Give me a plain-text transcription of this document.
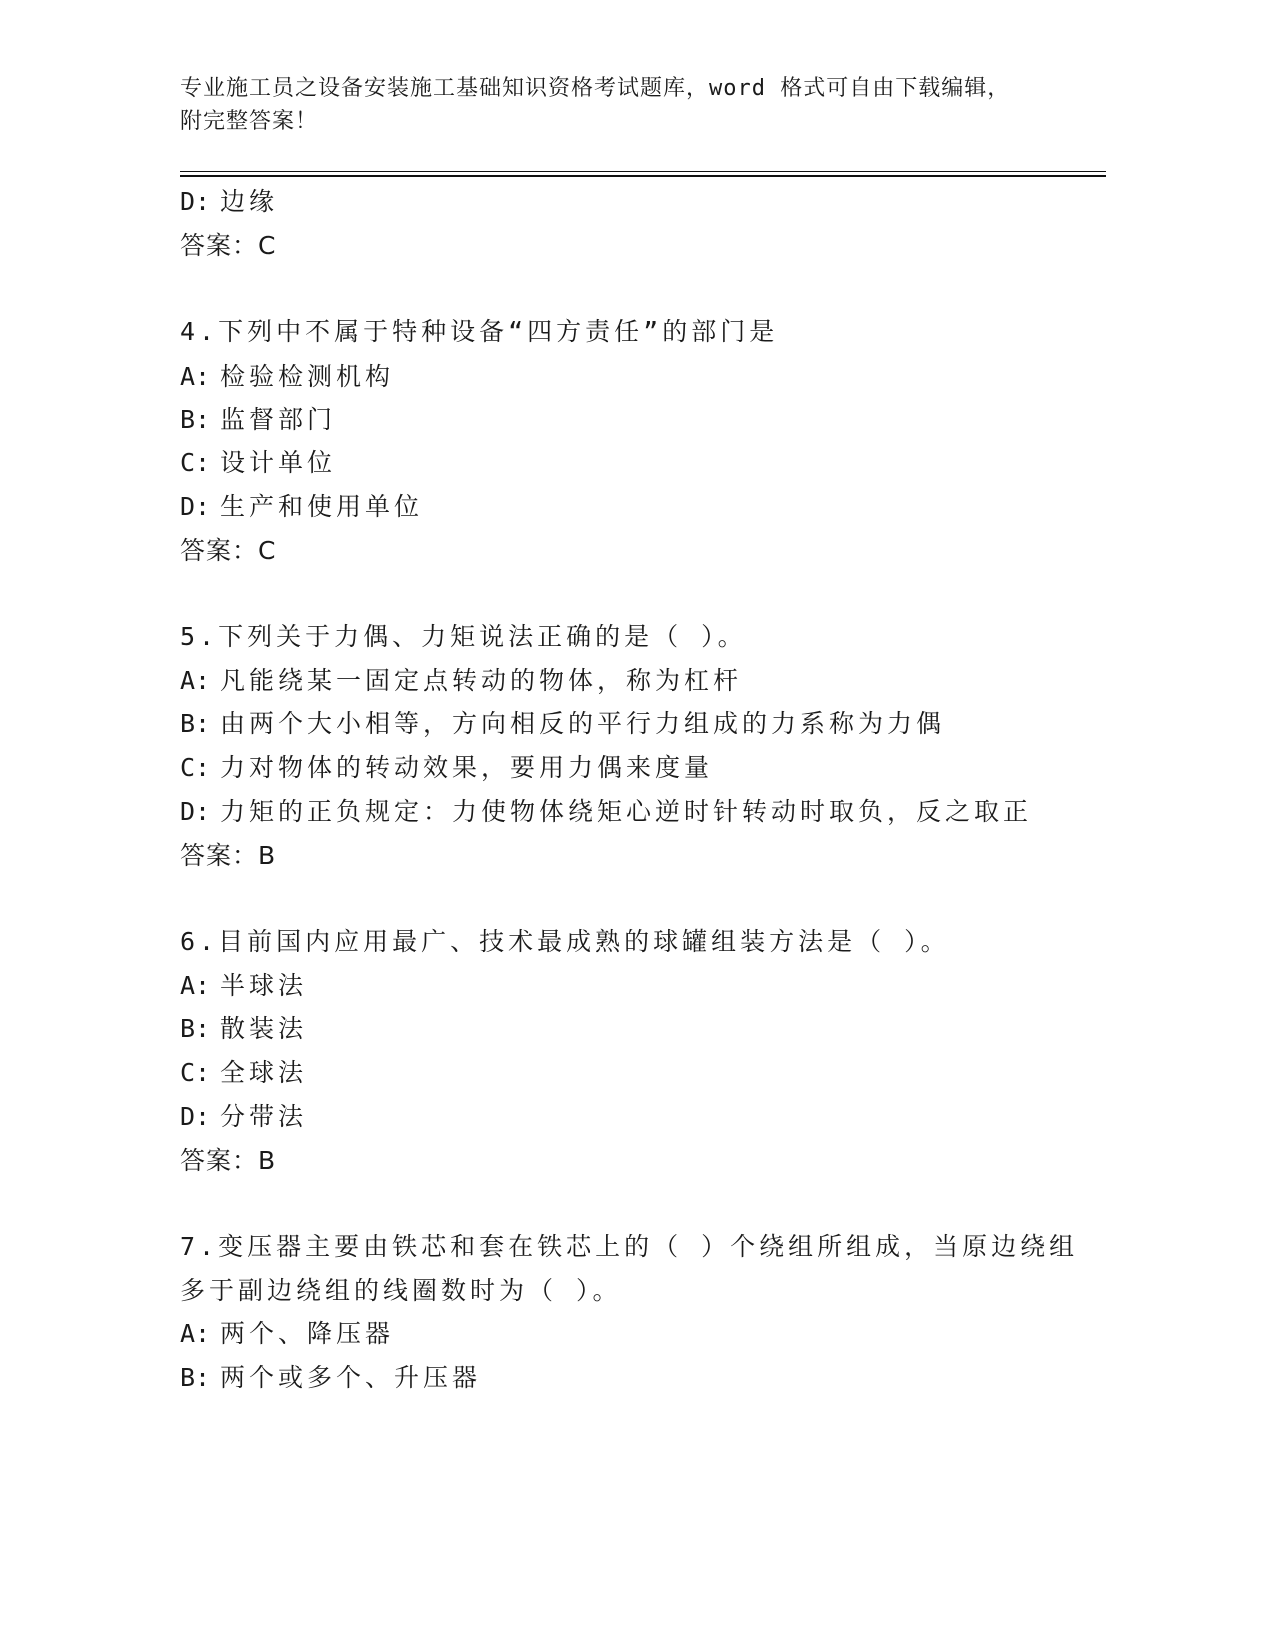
专业施工员之设备安装施工基础知识资格考试题库，word 格式可自由下载编辑，
附完整答案！
D: 边缘
答案：C
4.下列中不属于特种设备“四方责任”的部门是
A: 检验检测机构
B: 监督部门
C: 设计单位
D: 生产和使用单位
答案：C
5.下列关于力偶、力矩说法正确的是（ ）。
A: 凡能绕某一固定点转动的物体，称为杠杆
B: 由两个大小相等，方向相反的平行力组成的力系称为力偶
C: 力对物体的转动效果，要用力偶来度量
D: 力矩的正负规定：力使物体绕矩心逆时针转动时取负，反之取正
答案：B
6.目前国内应用最广、技术最成熟的球罐组装方法是（ ）。
A: 半球法
B: 散装法
C: 全球法
D: 分带法
答案：B
7.变压器主要由铁芯和套在铁芯上的（ ）个绕组所组成，当原边绕组
多于副边绕组的线圈数时为（ ）。
A: 两个、降压器
B: 两个或多个、升压器
